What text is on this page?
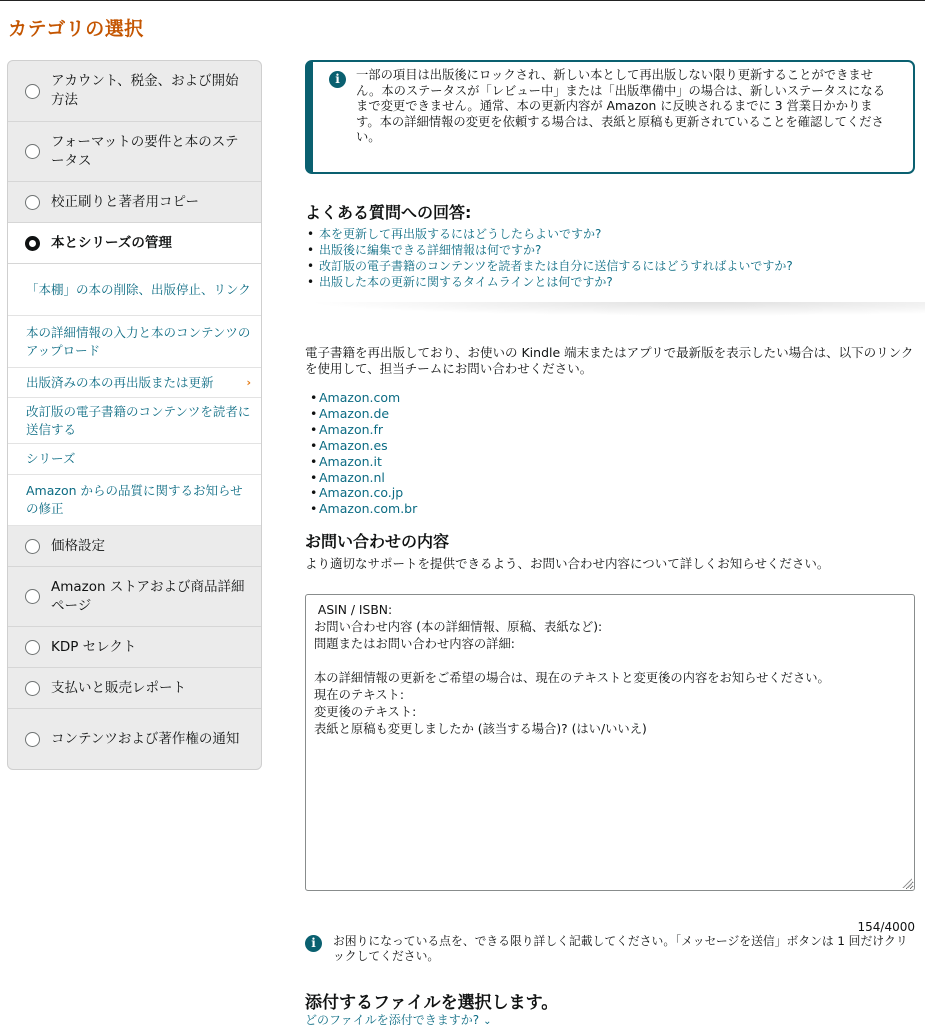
カテゴリの選択
アカウント、税金、および開始方法
フォーマットの要件と本のステータス
校正刷りと著者用コピー
本とシリーズの管理
「本棚」の本の削除、出版停止、リンク
本の詳細情報の入力と本のコンテンツのアップロード
出版済みの本の再出版または更新	›
改訂版の電子書籍のコンテンツを読者に送信する
シリーズ
Amazon からの品質に関するお知らせの修正
価格設定
Amazon ストアおよび商品詳細ページ
KDP セレクト
支払いと販売レポート
コンテンツおよび著作権の通知
i	一部の項目は出版後にロックされ、新しい本として再出版しない限り更新することができません。本のステータスが「レビュー中」または「出版準備中」の場合は、新しいステータスになるまで変更できません。通常、本の更新内容が Amazon に反映されるまでに 3 営業日かかります。本の詳細情報の変更を依頼する場合は、表紙と原稿も更新されていることを確認してください。
よくある質問への回答:
• 本を更新して再出版するにはどうしたらよいですか?
• 出版後に編集できる詳細情報は何ですか?
• 改訂版の電子書籍のコンテンツを読者または自分に送信するにはどうすればよいですか?
• 出版した本の更新に関するタイムラインとは何ですか?

電子書籍を再出版しており、お使いの Kindle 端末またはアプリで最新版を表示したい場合は、以下のリンクを使用して、担当チームにお問い合わせください。

• Amazon.com
• Amazon.de
• Amazon.fr
• Amazon.es
• Amazon.it
• Amazon.nl
• Amazon.co.jp
• Amazon.com.br
お問い合わせの内容

より適切なサポートを提供できるよう、お問い合わせ内容について詳しくお知らせください。

ASIN / ISBN: お問い合わせ内容 (本の詳細情報、原稿、表紙など): 問題またはお問い合わせ内容の詳細: 本の詳細情報の更新をご希望の場合は、現在のテキストと変更後の内容をお知らせください。 現在のテキスト: 変更後のテキスト: 表紙と原稿も変更しましたか (該当する場合)? (はい/いいえ)
154/4000
i	お困りになっている点を、できる限り詳しく記載してください。「メッセージを送信」ボタンは 1 回だけクリックしてください。
添付するファイルを選択します。
どのファイルを添付できますか? ⌄
